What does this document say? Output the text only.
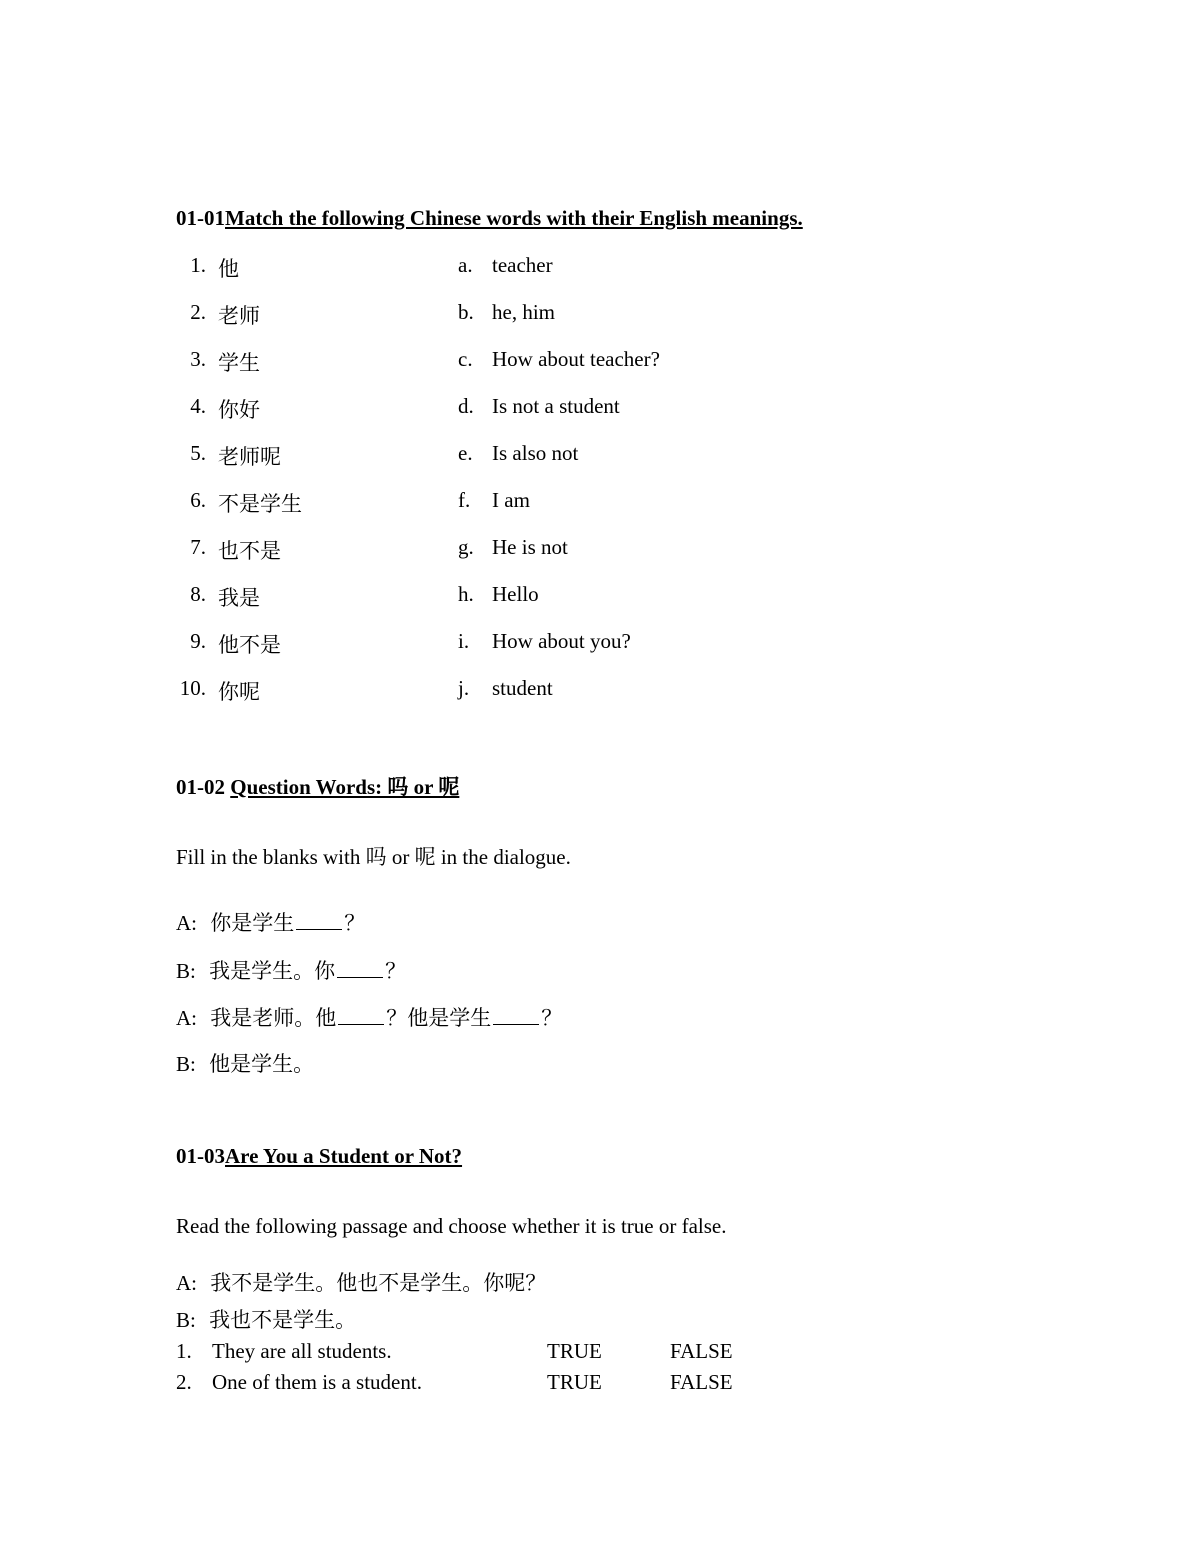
01-01Match the following Chinese words with their English meanings.
1. 他	a. teacher
2. 老师	b. he, him
3. 学生	c. How about teacher?
4. 你好	d. Is not a student
5. 老师呢	e. Is also not
6. 不是学生	f. I am
7. 也不是	g. He is not
8. 我是	h. Hello
9. 他不是	i. How about you?
10. 你呢	j. student
01-02 Question Words: 吗 or 呢
Fill in the blanks with 吗 or 呢 in the dialogue.
A: 你是学生 ？
B: 我是学生。你 ？
A: 我是老师。他 ？他是学生 ？
B: 他是学生。
01-03Are You a Student or Not?
Read the following passage and choose whether it is true or false.
A: 我不是学生。他也不是学生。你呢？
B: 我也不是学生。
1. They are all students.	TRUE	FALSE
2. One of them is a student.	TRUE	FALSE
